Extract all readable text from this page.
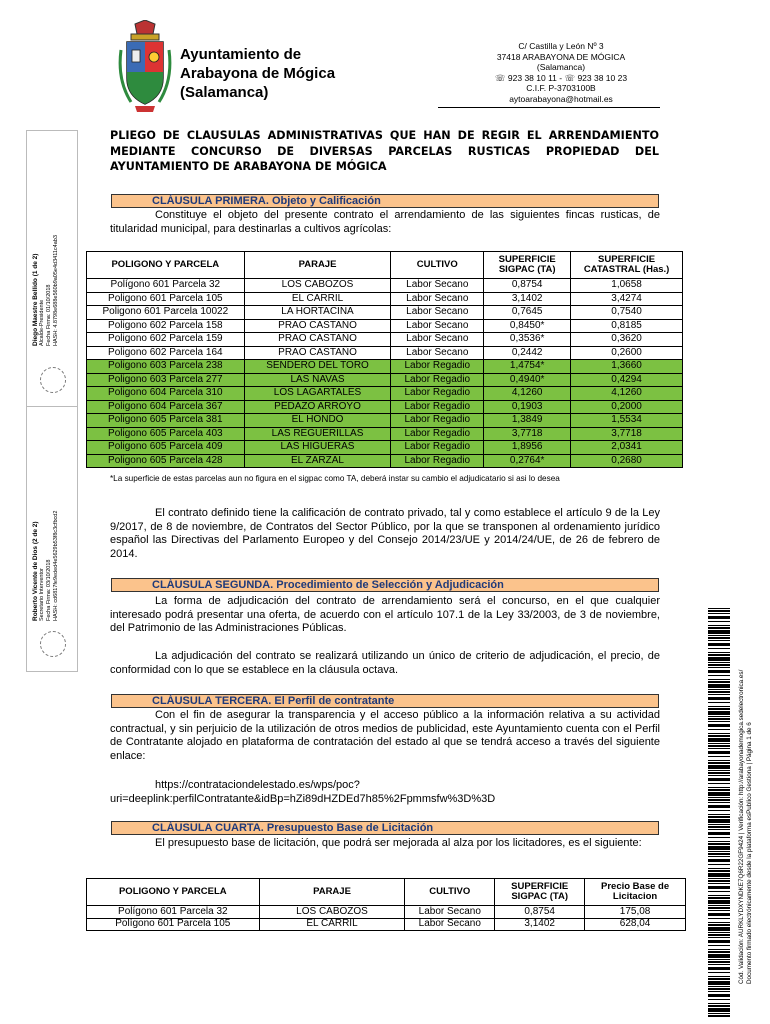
Ayuntamiento de
Arabayona de Mógica
(Salamanca)
C/ Castilla y León Nº 3
37418 ARABAYONA DE MÓGICA
(Salamanca)
☏ 923 38 10 11 - ☏ 923 38 10 23
C.I.F. P-3703100B
aytoarabayona@hotmail.es
PLIEGO DE CLAUSULAS ADMINISTRATIVAS QUE HAN DE REGIR EL ARRENDAMIENTO MEDIANTE CONCURSO DE DIVERSAS PARCELAS RUSTICAS PROPIEDAD DEL AYUNTAMIENTO DE ARABAYONA DE MÓGICA
CLÁUSULA PRIMERA. Objeto y Calificación
Constituye el objeto del presente contrato el arrendamiento de las siguientes fincas rusticas, de titularidad municipal, para destinarlas a cultivos agrícolas:
POLIGONO Y PARCELA	PARAJE	CULTIVO	SUPERFICIE SIGPAC (TA)	SUPERFICIE CATASTRAL (Has.)
Polígono 601 Parcela 32	LOS CABOZOS	Labor Secano	0,8754	1,0658
Poligono 601 Parcela 105	EL CARRIL	Labor Secano	3,1402	3,4274
Poligono 601 Parcela 10022	LA HORTACINA	Labor Secano	0,7645	0,7540
Poligono 602 Parcela 158	PRAO CASTAÑO	Labor Secano	0,8450*	0,8185
Poligono 602 Parcela 159	PRAO CASTAÑO	Labor Secano	0,3536*	0,3620
Poligono 602 Parcela 164	PRAO CASTAÑO	Labor Secano	0,2442	0,2600
Poligono 603 Parcela 238	SENDERO DEL TORO	Labor Regadio	1,4754*	1,3660
Poligono 603 Parcela 277	LAS NAVAS	Labor Regadio	0,4940*	0,4294
Poligono 604 Parcela 310	LOS LAGARTALES	Labor Regadio	4,1260	4,1260
Poligono 604 Parcela 367	PEDAZO ARROYO	Labor Regadio	0,1903	0,2000
Poligono 605 Parcela 381	EL HONDO	Labor Regadio	1,3849	1,5534
Poligono 605 Parcela 403	LAS REGUERILLAS	Labor Regadio	3,7718	3,7718
Poligono 605 Parcela 409	LAS HIGUERAS	Labor Regadio	1,8956	2,0341
Poligono 605 Parcela 428	EL ZARZAL	Labor Regadio	0,2764*	0,2680
*La superficie de estas parcelas aun no figura en el sigpac como TA, deberá instar su cambio el adjudicatario si asi lo desea
El contrato definido tiene la calificación de contrato privado, tal y como establece el artículo 9 de la Ley 9/2017, de 8 de noviembre, de Contratos del Sector Público, por la que se transponen al ordenamiento jurídico español las Directivas del Parlamento Europeo y del Consejo 2014/23/UE y 2014/24/UE, de 26 de febrero de 2014.
CLÁUSULA SEGUNDA. Procedimiento de Selección y Adjudicación
La forma de adjudicación del contrato de arrendamiento será el concurso, en el que cualquier interesado podrá presentar una oferta, de acuerdo con el artículo 107.1 de la Ley 33/2003, de 3 de noviembre, del Patrimonio de las Administraciones Públicas.
La adjudicación del contrato se realizará utilizando un único de criterio de adjudicación, el precio, de conformidad con lo que se establece en la cláusula octava.
CLÁUSULA TERCERA. El Perfil de contratante
Con el fin de asegurar la transparencia y el acceso público a la información relativa a su actividad contractual, y sin perjuicio de la utilización de otros medios de publicidad, este Ayuntamiento cuenta con el Perfil de Contratante alojado en plataforma de contratación del estado al que se tendrá acceso a través del siguiente enlace:
https://contrataciondelestado.es/wps/poc?
uri=deeplink:perfilContratante&idBp=hZi89dHZDEd7h85%2Fpmmsfw%3D%3D
CLÁUSULA CUARTA. Presupuesto Base de Licitación
El presupuesto base de licitación, que podrá ser mejorada al alza por los licitadores, es el siguiente:
POLIGONO Y PARCELA	PARAJE	CULTIVO	SUPERFICIE SIGPAC (TA)	Precio Base de Licitacion
Polígono 601 Parcela 32	LOS CABOZOS	Labor Secano	0,8754	175,08
Polígono 601 Parcela 105	EL CARRIL	Labor Secano	3,1402	628,04
Diego Maestre Bellido (1 de 2) Alcalde-Presidente Fecha Firma: 01/10/2018 HASH: 4.8798e688e560b9a05e4d3411c4ab3
Roberto Vicente de Dios (2 de 2) Secretario Interventor Fecha Firma: 03/10/2018 HASH: cd6817fe9eded4e5629b53f8c3cfbcd2
Cód. Validación: AURKLYDXYNDKE7Q6R22GF9424 | Verificación: http://arabayonademogica.sedelectronica.es/ Documento firmado electrónicamente desde la plataforma esPublico Gestiona | Página 1 de 6
